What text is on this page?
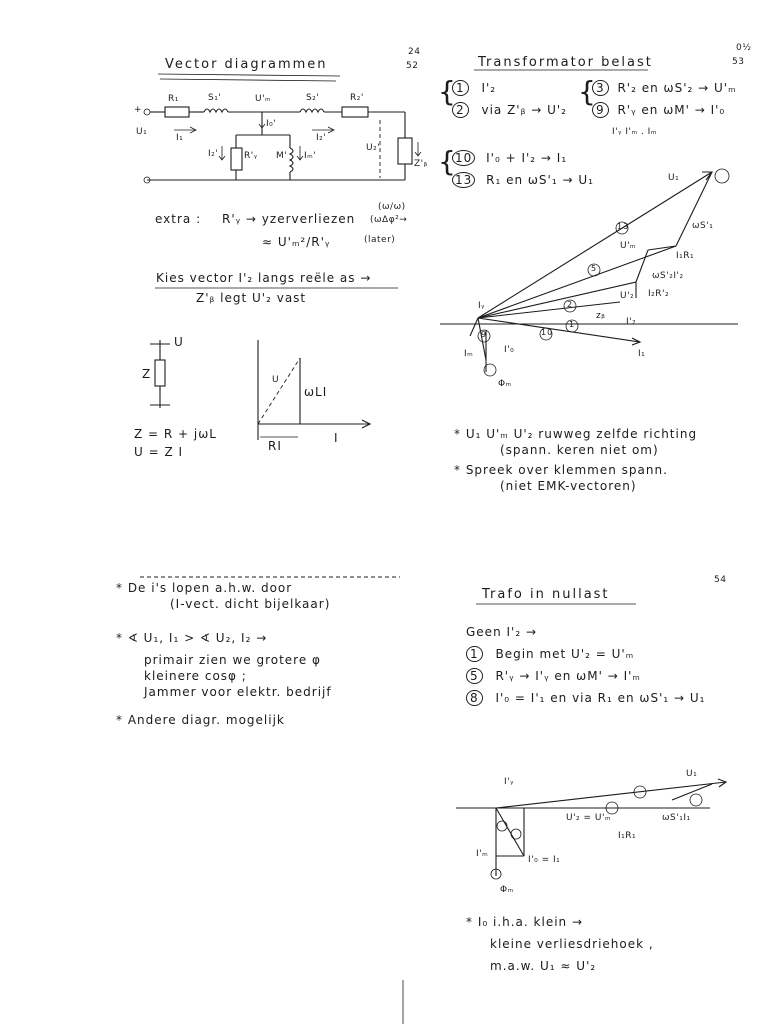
24
52
0½
53
54
Vector diagrammen
R₁	S₁'	U'ₘ	S₂'	R₂'
+
U₁
I₁
I₀'
I₂'
I₂'	R'ᵧ M' Iₘ'
U₂'
Z'ᵦ
extra : R'ᵧ → yzerverliezen
(ω/ω)
(ωΔφ²→
≈ U'ₘ²/R'ᵧ	(later)
Kies vector I'₂ langs reële as →
Z'ᵦ legt U'₂ vast
U
Z
Z = R + jωL
U = Z I
U
ωLI
RI
I
Transformator belast
{ 1 I'₂
2 via Z'ᵦ → U'₂
{ 3 R'₂ en ωS'₂ → U'ₘ
9 R'ᵧ en ωM' → I'₀
I'ᵧ I'ₘ . Ιₘ
{
10 I'₀ + I'₂ → I₁
13 R₁ en ωS'₁ → U₁	U₁
ωS'₁
U'ₘ
I₁R₁
ωS'₂I'₂
U'₂ I₂R'₂
zᵦ
I'₂
I₁
I'₀
Iₘ
Φₘ
Iᵧ
13
5
2
1
10
9
* U₁ U'ₘ U'₂ ruwweg zelfde richting
(spann. keren niet om)
* Spreek over klemmen spann.
(niet EMK-vectoren)
* De i's lopen a.h.w. door
(I-vect. dicht bijelkaar)
* ∢ U₁, I₁ > ∢ U₂, I₂ →
primair zien we grotere φ
kleinere cosφ ;
Jammer voor elektr. bedrijf
* Andere diagr. mogelijk
Trafo in nullast
Geen I'₂ →
1 Begin met U'₂ = U'ₘ
5 R'ᵧ → I'ᵧ en ωM' → I'ₘ
8 I'₀ = I'₁ en via R₁ en ωS'₁ → U₁
I'ᵧ
U₁
U'₂ = U'ₘ
I₁R₁
ωS'₁I₁
I'ₘ
I'₀ = I₁
Φₘ
* I₀ i.h.a. klein →
kleine verliesdriehoek ,
m.a.w. U₁ ≈ U'₂
